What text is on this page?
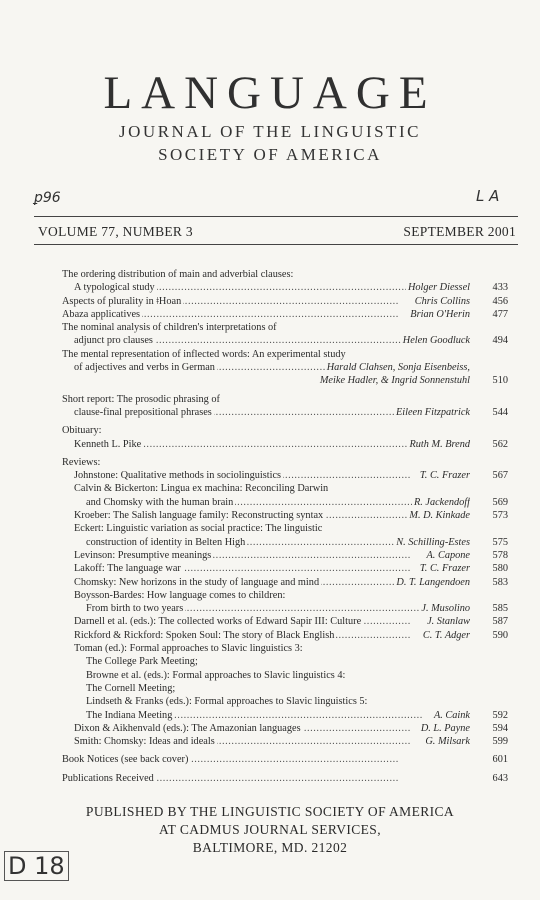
LANGUAGE
JOURNAL OF THE LINGUISTIC
SOCIETY OF AMERICA
ꝑ96	L A
VOLUME 77, NUMBER 3	SEPTEMBER 2001
The ordering distribution of main and adverbial clauses:
. . . A typological study	Holger Diessel	433
. . . Aspects of plurality in ǂHoan	Chris Collins	456
. . . Abaza applicatives	Brian O'Herin	477
The nominal analysis of children's interpretations of
. . . adjunct pro clauses	Helen Goodluck	494
The mental representation of inflected words: An experimental study
. . . of adjectives and verbs in German	Harald Clahsen, Sonja Eisenbeiss,
Meike Hadler, & Ingrid Sonnenstuhl	510
Short report: The prosodic phrasing of
. . . clause-final prepositional phrases	Eileen Fitzpatrick	544
Obituary:
. . . Kenneth L. Pike	Ruth M. Brend	562
Reviews:
. . . Johnstone: Qualitative methods in sociolinguistics	T. C. Frazer	567
Calvin & Bickerton: Lingua ex machina: Reconciling Darwin
. . . and Chomsky with the human brain	R. Jackendoff	569
. . . Kroeber: The Salish language family: Reconstructing syntax	M. D. Kinkade	573
Eckert: Linguistic variation as social practice: The linguistic
. . . construction of identity in Belten High	N. Schilling-Estes	575
. . . Levinson: Presumptive meanings	A. Capone	578
. . . Lakoff: The language war	T. C. Frazer	580
. . . Chomsky: New horizons in the study of language and mind	D. T. Langendoen	583
Boysson-Bardes: How language comes to children:
. . . From birth to two years	J. Musolino	585
. . . Darnell et al. (eds.): The collected works of Edward Sapir III: Culture	J. Stanlaw	587
. . . Rickford & Rickford: Spoken Soul: The story of Black English	C. T. Adger	590
Toman (ed.): Formal approaches to Slavic linguistics 3:
The College Park Meeting;
Browne et al. (eds.): Formal approaches to Slavic linguistics 4:
The Cornell Meeting;
Lindseth & Franks (eds.): Formal approaches to Slavic linguistics 5:
. . . The Indiana Meeting	A. Caink	592
. . . Dixon & Aikhenvald (eds.): The Amazonian languages	D. L. Payne	594
. . . Smith: Chomsky: Ideas and ideals	G. Milsark	599
. . . Book Notices (see back cover)	601
. . . Publications Received	643
PUBLISHED BY THE LINGUISTIC SOCIETY OF AMERICA
AT CADMUS JOURNAL SERVICES,
BALTIMORE, MD. 21202
D 18
